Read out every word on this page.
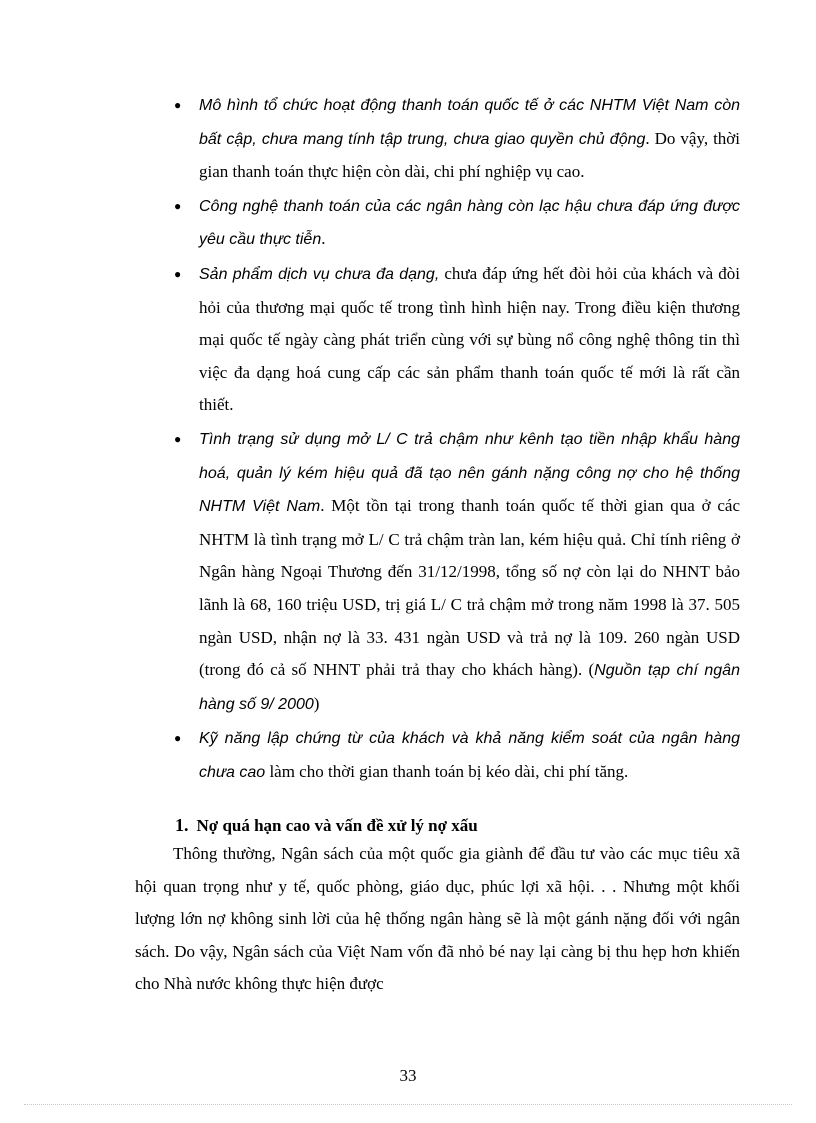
● Mô hình tổ chức hoạt động thanh toán quốc tế ở các NHTM Việt Nam còn bất cập, chưa mang tính tập trung, chưa giao quyền chủ động. Do vậy, thời gian thanh toán thực hiện còn dài, chi phí nghiệp vụ cao.
● Công nghệ thanh toán của các ngân hàng còn lạc hậu chưa đáp ứng được yêu cầu thực tiễn.
● Sản phẩm dịch vụ chưa đa dạng, chưa đáp ứng hết đòi hỏi của khách và đòi hỏi của thương mại quốc tế trong tình hình hiện nay. Trong điều kiện thương mại quốc tế ngày càng phát triển cùng với sự bùng nổ công nghệ thông tin thì việc đa dạng hoá cung cấp các sản phẩm thanh toán quốc tế mới là rất cần thiết.
● Tình trạng sử dụng mở L/ C trả chậm như kênh tạo tiền nhập khẩu hàng hoá, quản lý kém hiệu quả đã tạo nên gánh nặng công nợ cho hệ thống NHTM Việt Nam. Một tồn tại trong thanh toán quốc tế thời gian qua ở các NHTM là tình trạng mở L/ C trả chậm tràn lan, kém hiệu quả. Chỉ tính riêng ở Ngân hàng Ngoại Thương đến 31/12/1998, tổng số nợ còn lại do NHNT bảo lãnh là 68, 160 triệu USD, trị giá L/ C trả chậm mở trong năm 1998 là 37. 505 ngàn USD, nhận nợ là 33. 431 ngàn USD và trả nợ là 109. 260 ngàn USD (trong đó cả số NHNT phải trả thay cho khách hàng). (Nguồn tạp chí ngân hàng số 9/ 2000)
● Kỹ năng lập chứng từ của khách và khả năng kiểm soát của ngân hàng chưa cao làm cho thời gian thanh toán bị kéo dài, chi phí tăng.
1. Nợ quá hạn cao và vấn đề xử lý nợ xấu

Thông thường, Ngân sách của một quốc gia giành để đầu tư vào các mục tiêu xã hội quan trọng như y tế, quốc phòng, giáo dục, phúc lợi xã hội. . . Nhưng một khối lượng lớn nợ không sinh lời của hệ thống ngân hàng sẽ là một gánh nặng đối với ngân sách. Do vậy, Ngân sách của Việt Nam vốn đã nhỏ bé nay lại càng bị thu hẹp hơn khiến cho Nhà nước không thực hiện được

33
